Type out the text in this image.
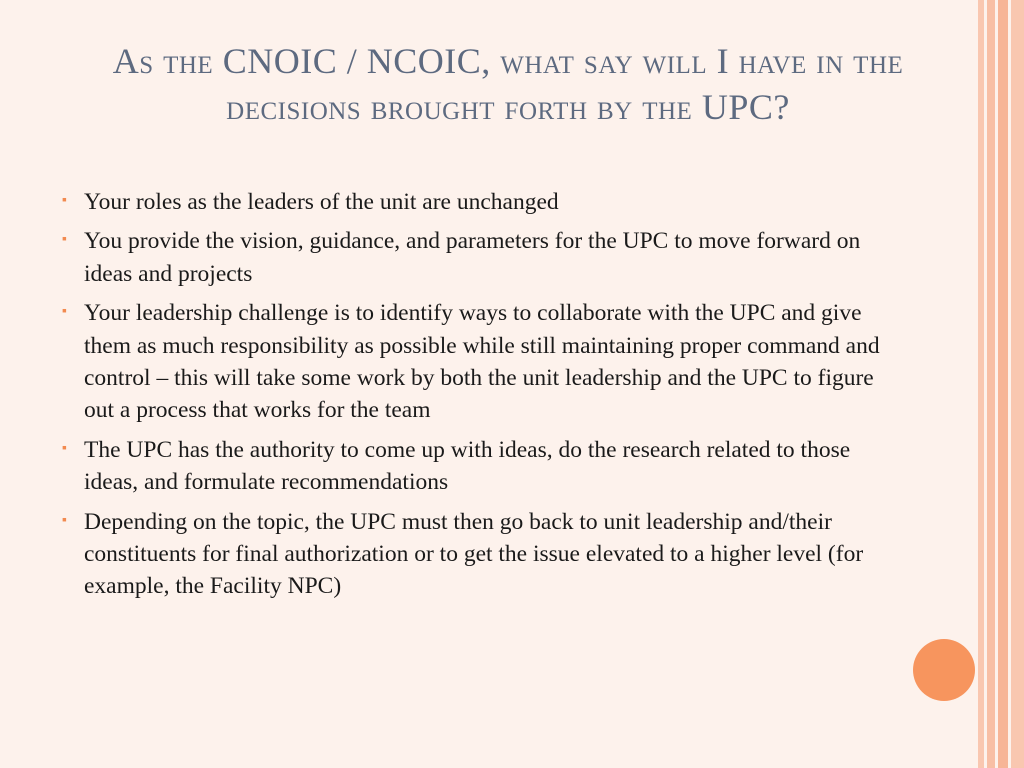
As the CNOIC / NCOIC, what say will I have in the decisions brought forth by the UPC?
▪ Your roles as the leaders of the unit are unchanged
▪ You provide the vision, guidance, and parameters for the UPC to move forward on ideas and projects
▪ Your leadership challenge is to identify ways to collaborate with the UPC and give them as much responsibility as possible while still maintaining proper command and control – this will take some work by both the unit leadership and the UPC to figure out a process that works for the team
▪ The UPC has the authority to come up with ideas, do the research related to those ideas, and formulate recommendations
▪ Depending on the topic, the UPC must then go back to unit leadership and/their constituents for final authorization or to get the issue elevated to a higher level (for example, the Facility NPC)
